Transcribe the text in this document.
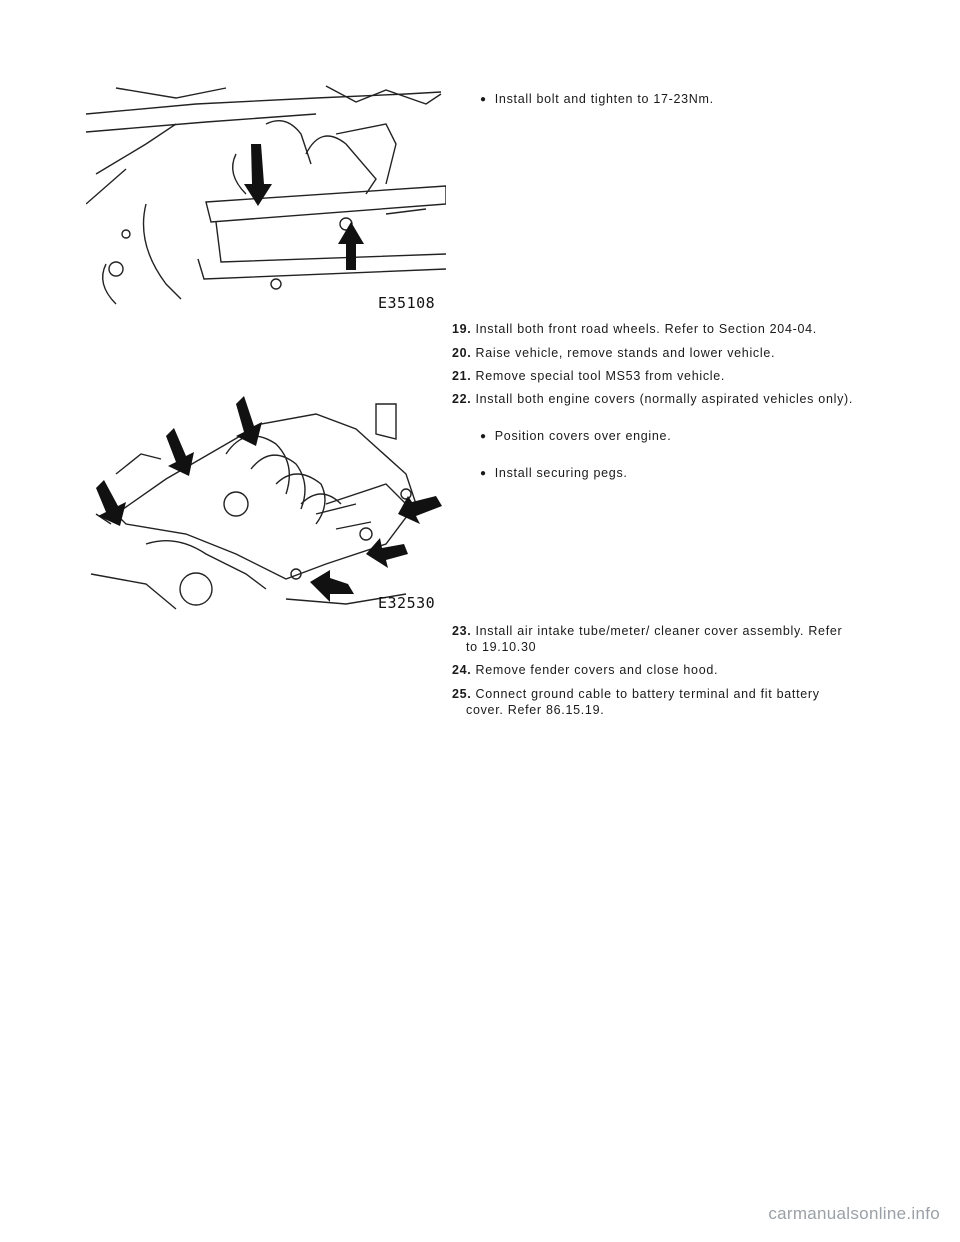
E35108
E32530
● Install bolt and tighten to 17-23Nm.
19. Install both front road wheels. Refer to Section 204-04.
20. Raise vehicle, remove stands and lower vehicle.
21. Remove special tool MS53 from vehicle.
22. Install both engine covers (normally aspirated vehicles only).
● Position covers over engine.
● Install securing pegs.
23. Install air intake tube/meter/ cleaner cover assembly. Refer
to 19.10.30
24. Remove fender covers and close hood.
25. Connect ground cable to battery terminal and fit battery
cover. Refer 86.15.19.
carmanualsonline.info
